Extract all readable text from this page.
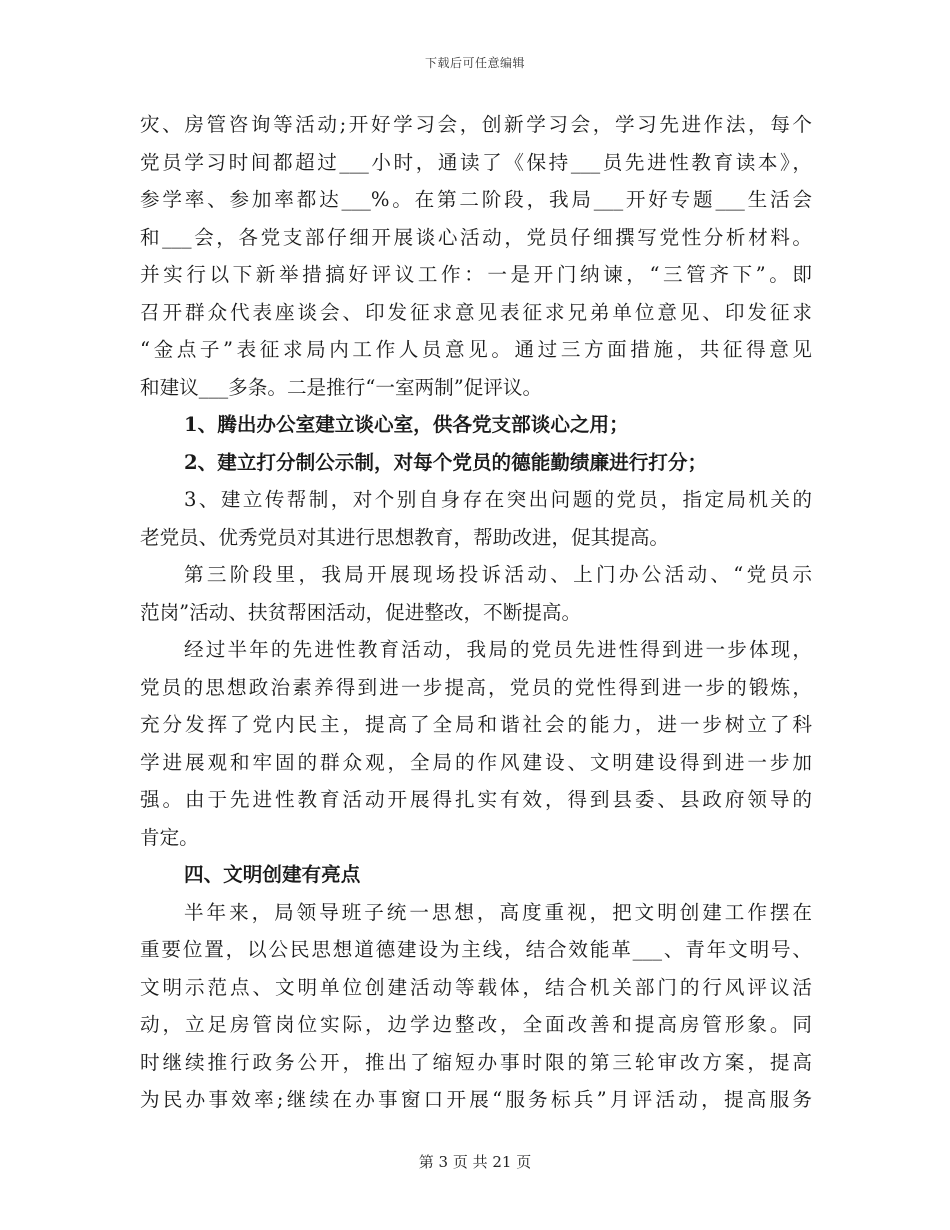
下载后可任意编辑
灾、房管咨询等活动;开好学习会，创新学习会，学习先进作法，每个
党员学习时间都超过___小时，通读了《保持___员先进性教育读本》，
参学率、参加率都达___%。在第二阶段，我局___开好专题___生活会
和___会，各党支部仔细开展谈心活动，党员仔细撰写党性分析材料。
并实行以下新举措搞好评议工作：一是开门纳谏，“三管齐下”。即
召开群众代表座谈会、印发征求意见表征求兄弟单位意见、印发征求
“金点子”表征求局内工作人员意见。通过三方面措施，共征得意见
和建议___多条。二是推行“一室两制”促评议。
1、腾出办公室建立谈心室，供各党支部谈心之用；
2、建立打分制公示制，对每个党员的德能勤绩廉进行打分；
3、建立传帮制，对个别自身存在突出问题的党员，指定局机关的
老党员、优秀党员对其进行思想教育，帮助改进，促其提高。
第三阶段里，我局开展现场投诉活动、上门办公活动、“党员示
范岗”活动、扶贫帮困活动，促进整改，不断提高。
经过半年的先进性教育活动，我局的党员先进性得到进一步体现，
党员的思想政治素养得到进一步提高，党员的党性得到进一步的锻炼，
充分发挥了党内民主，提高了全局和谐社会的能力，进一步树立了科
学进展观和牢固的群众观，全局的作风建设、文明建设得到进一步加
强。由于先进性教育活动开展得扎实有效，得到县委、县政府领导的
肯定。
四、文明创建有亮点
半年来，局领导班子统一思想，高度重视，把文明创建工作摆在
重要位置，以公民思想道德建设为主线，结合效能革___、青年文明号、
文明示范点、文明单位创建活动等载体，结合机关部门的行风评议活
动，立足房管岗位实际，边学边整改，全面改善和提高房管形象。同
时继续推行政务公开，推出了缩短办事时限的第三轮审改方案，提高
为民办事效率;继续在办事窗口开展“服务标兵”月评活动，提高服务
第 3 页 共 21 页
